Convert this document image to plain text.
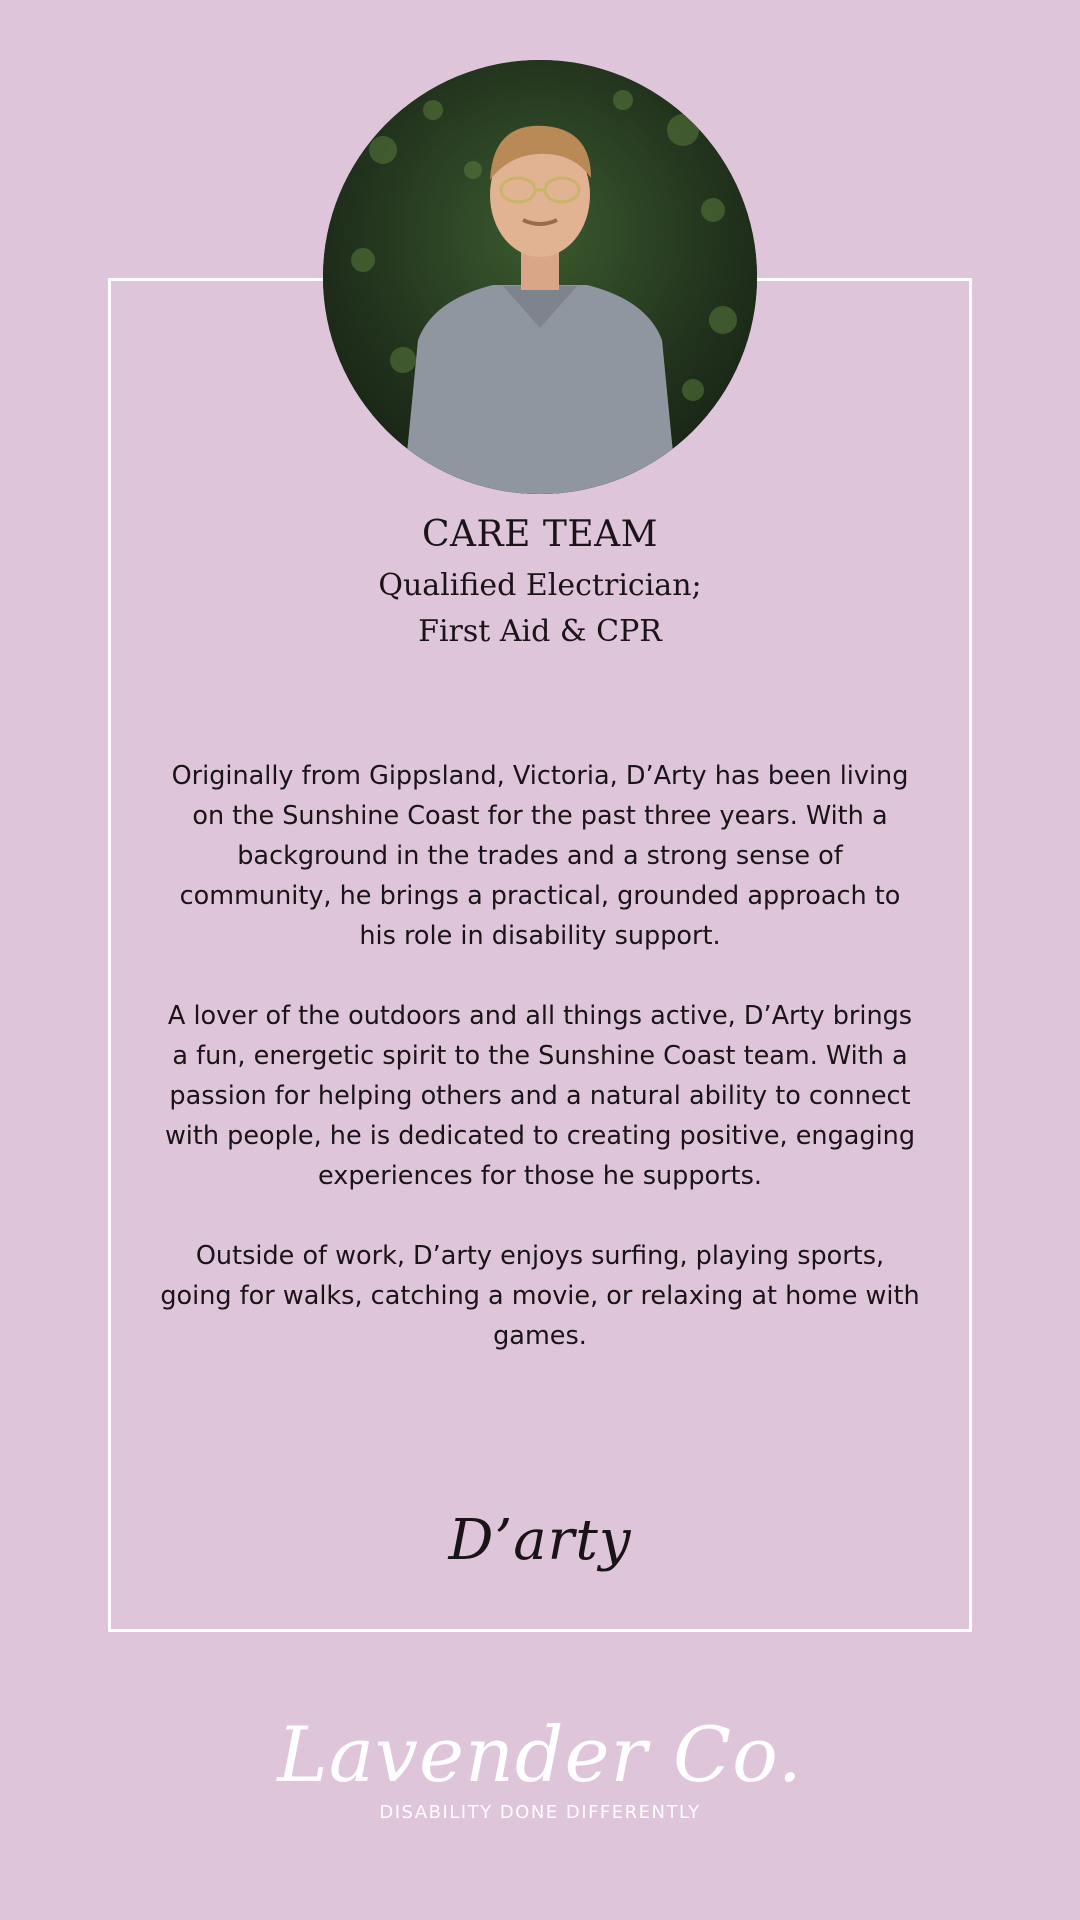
CARE TEAM
Qualified Electrician;
First Aid & CPR
Originally from Gippsland, Victoria, D’Arty has been living on the Sunshine Coast for the past three years. With a background in the trades and a strong sense of community, he brings a practical, grounded approach to his role in disability support.
A lover of the outdoors and all things active, D’Arty brings a fun, energetic spirit to the Sunshine Coast team. With a passion for helping others and a natural ability to connect with people, he is dedicated to creating positive, engaging experiences for those he supports.
Outside of work, D’arty enjoys surfing, playing sports, going for walks, catching a movie, or relaxing at home with games.
D’arty
Lavender Co.
DISABILITY DONE DIFFERENTLY
